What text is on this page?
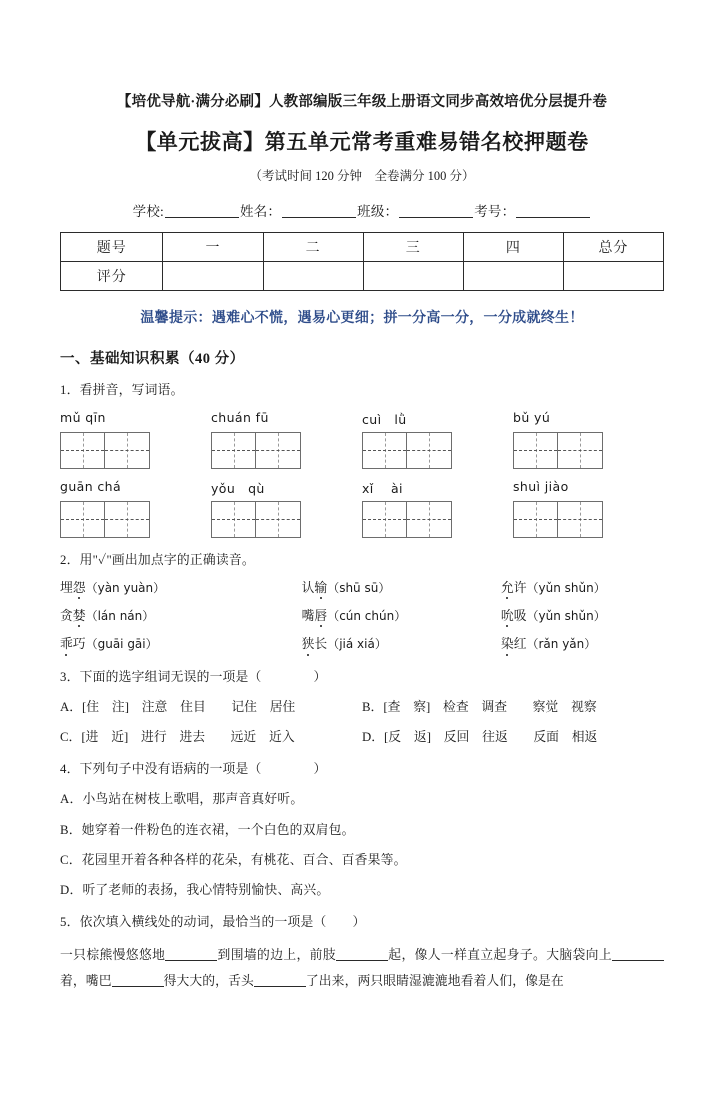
【培优导航·满分必刷】人教部编版三年级上册语文同步高效培优分层提升卷
【单元拔高】第五单元常考重难易错名校押题卷
（考试时间 120 分钟　全卷满分 100 分）
学校:	姓名：	班级：	考号：
题号	一	二	三	四	总分
评分					
温馨提示：遇难心不慌，遇易心更细；拼一分高一分，一分成就终生！
一、基础知识积累（40 分）
1．看拼音，写词语。
mǔ qīn	chuán fū	cuì　lǜ	bǔ yú
guān chá	yǒu　qù	xǐ　 ài	shuì jiào
2．用"✓"画出加点字的正确读音。
埋怨（yàn yuàn）	认输（shū sū）	允许（yǔn shǔn）
贪婪（lán nán）	嘴唇（cún chún）	吮吸（yǔn shǔn）
乖巧（guāi gāi）	狭长（jiá xiá）	染红（rǎn yǎn）
3．下面的选字组词无误的一项是（　　　　）
A．[住　注]　注意　住目　　记住　居住	B．[查　察]　检查　调查　　察觉　视察
C．[进　近]　进行　进去　　远近　近入	D．[反　返]　反回　往返　　反面　相返
4．下列句子中没有语病的一项是（　　　　）
A．小鸟站在树枝上歌唱，那声音真好听。
B．她穿着一件粉色的连衣裙，一个白色的双肩包。
C．花园里开着各种各样的花朵，有桃花、百合、百香果等。
D．听了老师的表扬，我心情特别愉快、高兴。
5．依次填入横线处的动词，最恰当的一项是（　　）
一只棕熊慢悠悠地	到围墙的边上，前肢	起，像人一样直立起身子。大脑袋向上着，嘴巴	得大大的，舌头	了出来，两只眼睛湿漉漉地看着人们，像是在
